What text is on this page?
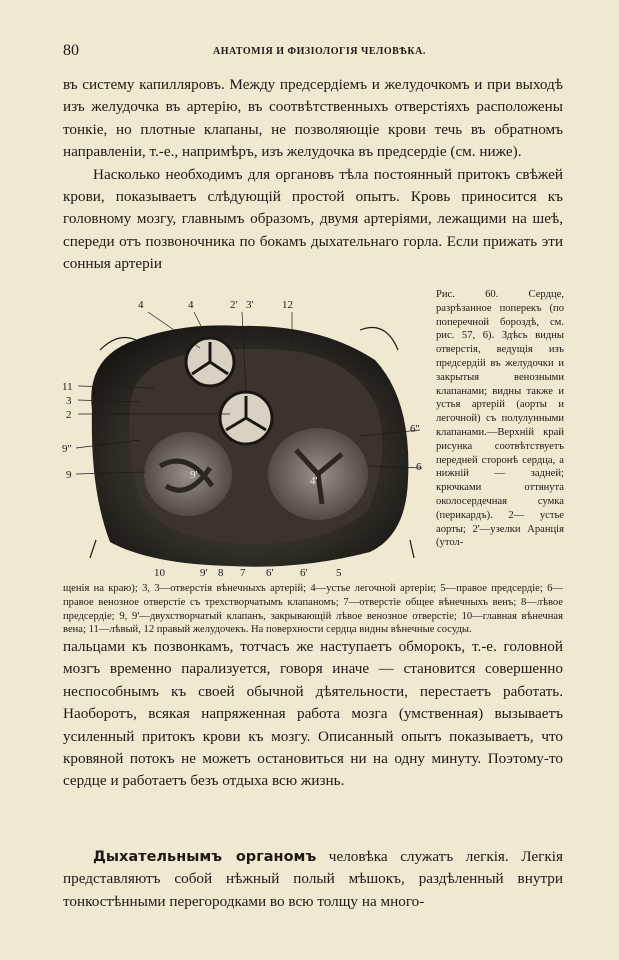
80	АНАТОМІЯ И ФИЗІОЛОГІЯ ЧЕЛОВѢКА.

въ систему капилляровъ. Между предсердіемъ и желудочкомъ и при выходѣ изъ желудочка въ артерію, въ соотвѣтственныхъ отверстіяхъ расположены тонкіе, но плотные клапаны, не позволяющіе крови течь въ обратномъ направленіи, т.-е., напримѣръ, изъ желудочка въ предсердіе (см. ниже).

Насколько необходимъ для органовъ тѣла постоянный притокъ свѣжей крови, показываетъ слѣдующій простой опытъ. Кровь приносится къ головному мозгу, главнымъ образомъ, двумя артеріями, лежащими на шеѣ, спереди отъ позвоночника по бокамъ дыхательнаго горла. Если прижать эти сонныя артеріи

4	4	2' 3'	12
11
3
2
9''
9
6''
6
10	9' 8 7 6' 6'	5
9'	4'

Рис. 60. Сердце, разрѣзанное поперекъ (по поперечной бороздѣ, см. рис. 57, 6). Здѣсь видны отверстія, ведущія изъ предсердій въ желудочки и закрытыя венозными клапанами; видны также и устья артерій (аорты и легочной) съ полулунными клапанами.—Верхній край рисунка соотвѣтствуетъ передней сторонѣ сердца, а нижній — задней; крючками оттянута околосердечная сумка (перикардъ). 2— устье аорты; 2'—узелки Аранція (утол-

щенія на краю); 3, 3—отверстія вѣнечныхъ артерій; 4—устье легочной артеріи; 5—правое предсердіе; 6—правое венозное отверстіе съ трехстворчатымъ клапаномъ; 7—отверстіе общее вѣнечныхъ венъ; 8—лѣвое предсердіе; 9, 9'—двухстворчатый клапанъ, закрывающій лѣвое венозное отверстіе; 10—главная вѣнечная вена; 11—лѣвый, 12 правый желудочекъ. На поверхности сердца видны вѣнечные сосуды.

пальцами къ позвонкамъ, тотчасъ же наступаетъ обморокъ, т.-е. головной мозгъ временно парализуется, говоря иначе — становится совершенно неспособнымъ къ своей обычной дѣятельности, перестаетъ работать. Наоборотъ, всякая напряженная работа мозга (умственная) вызываетъ усиленный притокъ крови къ мозгу. Описанный опытъ показываетъ, что кровяной потокъ не можетъ остановиться ни на одну минуту. Поэтому-то сердце и работаетъ безъ отдыха всю жизнь.

Дыхательнымъ органомъ человѣка служатъ легкія. Легкія представляютъ собой нѣжный полый мѣшокъ, раздѣленный внутри тонкостѣнными перегородками во всю толщу на много-
